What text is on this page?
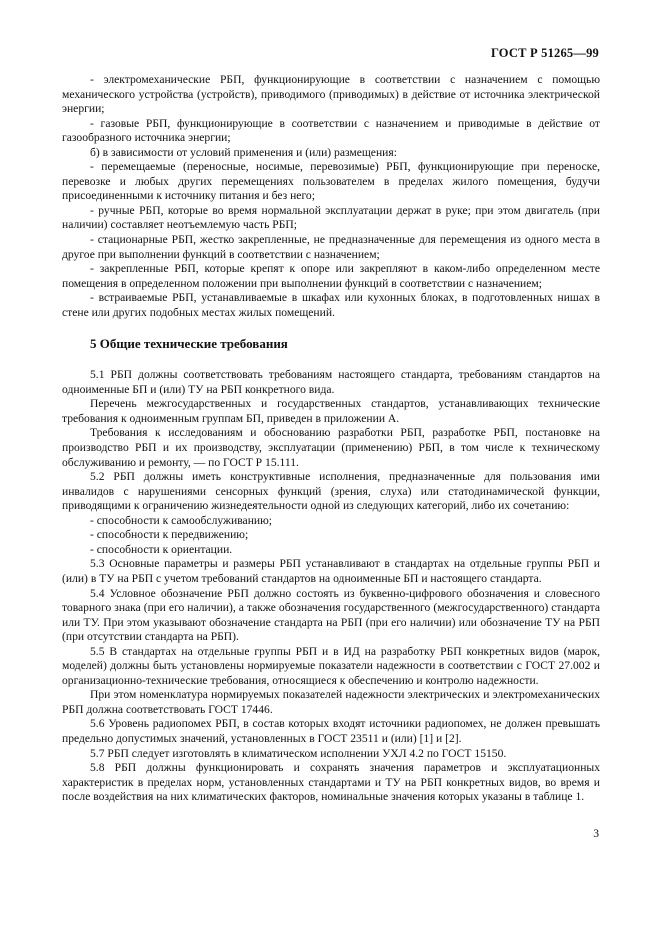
ГОСТ Р 51265—99

- электромеханические РБП, функционирующие в соответствии с назначением с помощью механического устройства (устройств), приводимого (приводимых) в действие от источника электрической энергии;

- газовые РБП, функционирующие в соответствии с назначением и приводимые в действие от газообразного источника энергии;

б) в зависимости от условий применения и (или) размещения:

- перемещаемые (переносные, носимые, перевозимые) РБП, функционирующие при переноске, перевозке и любых других перемещениях пользователем в пределах жилого помещения, будучи присоединенными к источнику питания и без него;

- ручные РБП, которые во время нормальной эксплуатации держат в руке; при этом двигатель (при наличии) составляет неотъемлемую часть РБП;

- стационарные РБП, жестко закрепленные, не предназначенные для перемещения из одного места в другое при выполнении функций в соответствии с назначением;

- закрепленные РБП, которые крепят к опоре или закрепляют в каком-либо определенном месте помещения в определенном положении при выполнении функций в соответствии с назначением;

- встраиваемые РБП, устанавливаемые в шкафах или кухонных блоках, в подготовленных нишах в стене или других подобных местах жилых помещений.

5 Общие технические требования

5.1 РБП должны соответствовать требованиям настоящего стандарта, требованиям стандартов на одноименные БП и (или) ТУ на РБП конкретного вида.

Перечень межгосударственных и государственных стандартов, устанавливающих технические требования к одноименным группам БП, приведен в приложении А.

Требования к исследованиям и обоснованию разработки РБП, разработке РБП, постановке на производство РБП и их производству, эксплуатации (применению) РБП, в том числе к техническому обслуживанию и ремонту, — по ГОСТ Р 15.111.

5.2 РБП должны иметь конструктивные исполнения, предназначенные для пользования ими инвалидов с нарушениями сенсорных функций (зрения, слуха) или статодинамической функции, приводящими к ограничению жизнедеятельности одной из следующих категорий, либо их сочетанию:

- способности к самообслуживанию;

- способности к передвижению;

- способности к ориентации.

5.3 Основные параметры и размеры РБП устанавливают в стандартах на отдельные группы РБП и (или) в ТУ на РБП с учетом требований стандартов на одноименные БП и настоящего стандарта.

5.4 Условное обозначение РБП должно состоять из буквенно-цифрового обозначения и словесного товарного знака (при его наличии), а также обозначения государственного (межгосударственного) стандарта или ТУ. При этом указывают обозначение стандарта на РБП (при его наличии) или обозначение ТУ на РБП (при отсутствии стандарта на РБП).

5.5 В стандартах на отдельные группы РБП и в ИД на разработку РБП конкретных видов (марок, моделей) должны быть установлены нормируемые показатели надежности в соответствии с ГОСТ 27.002 и организационно-технические требования, относящиеся к обеспечению и контролю надежности.

При этом номенклатура нормируемых показателей надежности электрических и электромеханических РБП должна соответствовать ГОСТ 17446.

5.6 Уровень радиопомех РБП, в состав которых входят источники радиопомех, не должен превышать предельно допустимых значений, установленных в ГОСТ 23511 и (или) [1] и [2].

5.7 РБП следует изготовлять в климатическом исполнении УХЛ 4.2 по ГОСТ 15150.

5.8 РБП должны функционировать и сохранять значения параметров и эксплуатационных характеристик в пределах норм, установленных стандартами и ТУ на РБП конкретных видов, во время и после воздействия на них климатических факторов, номинальные значения которых указаны в таблице 1.

3
